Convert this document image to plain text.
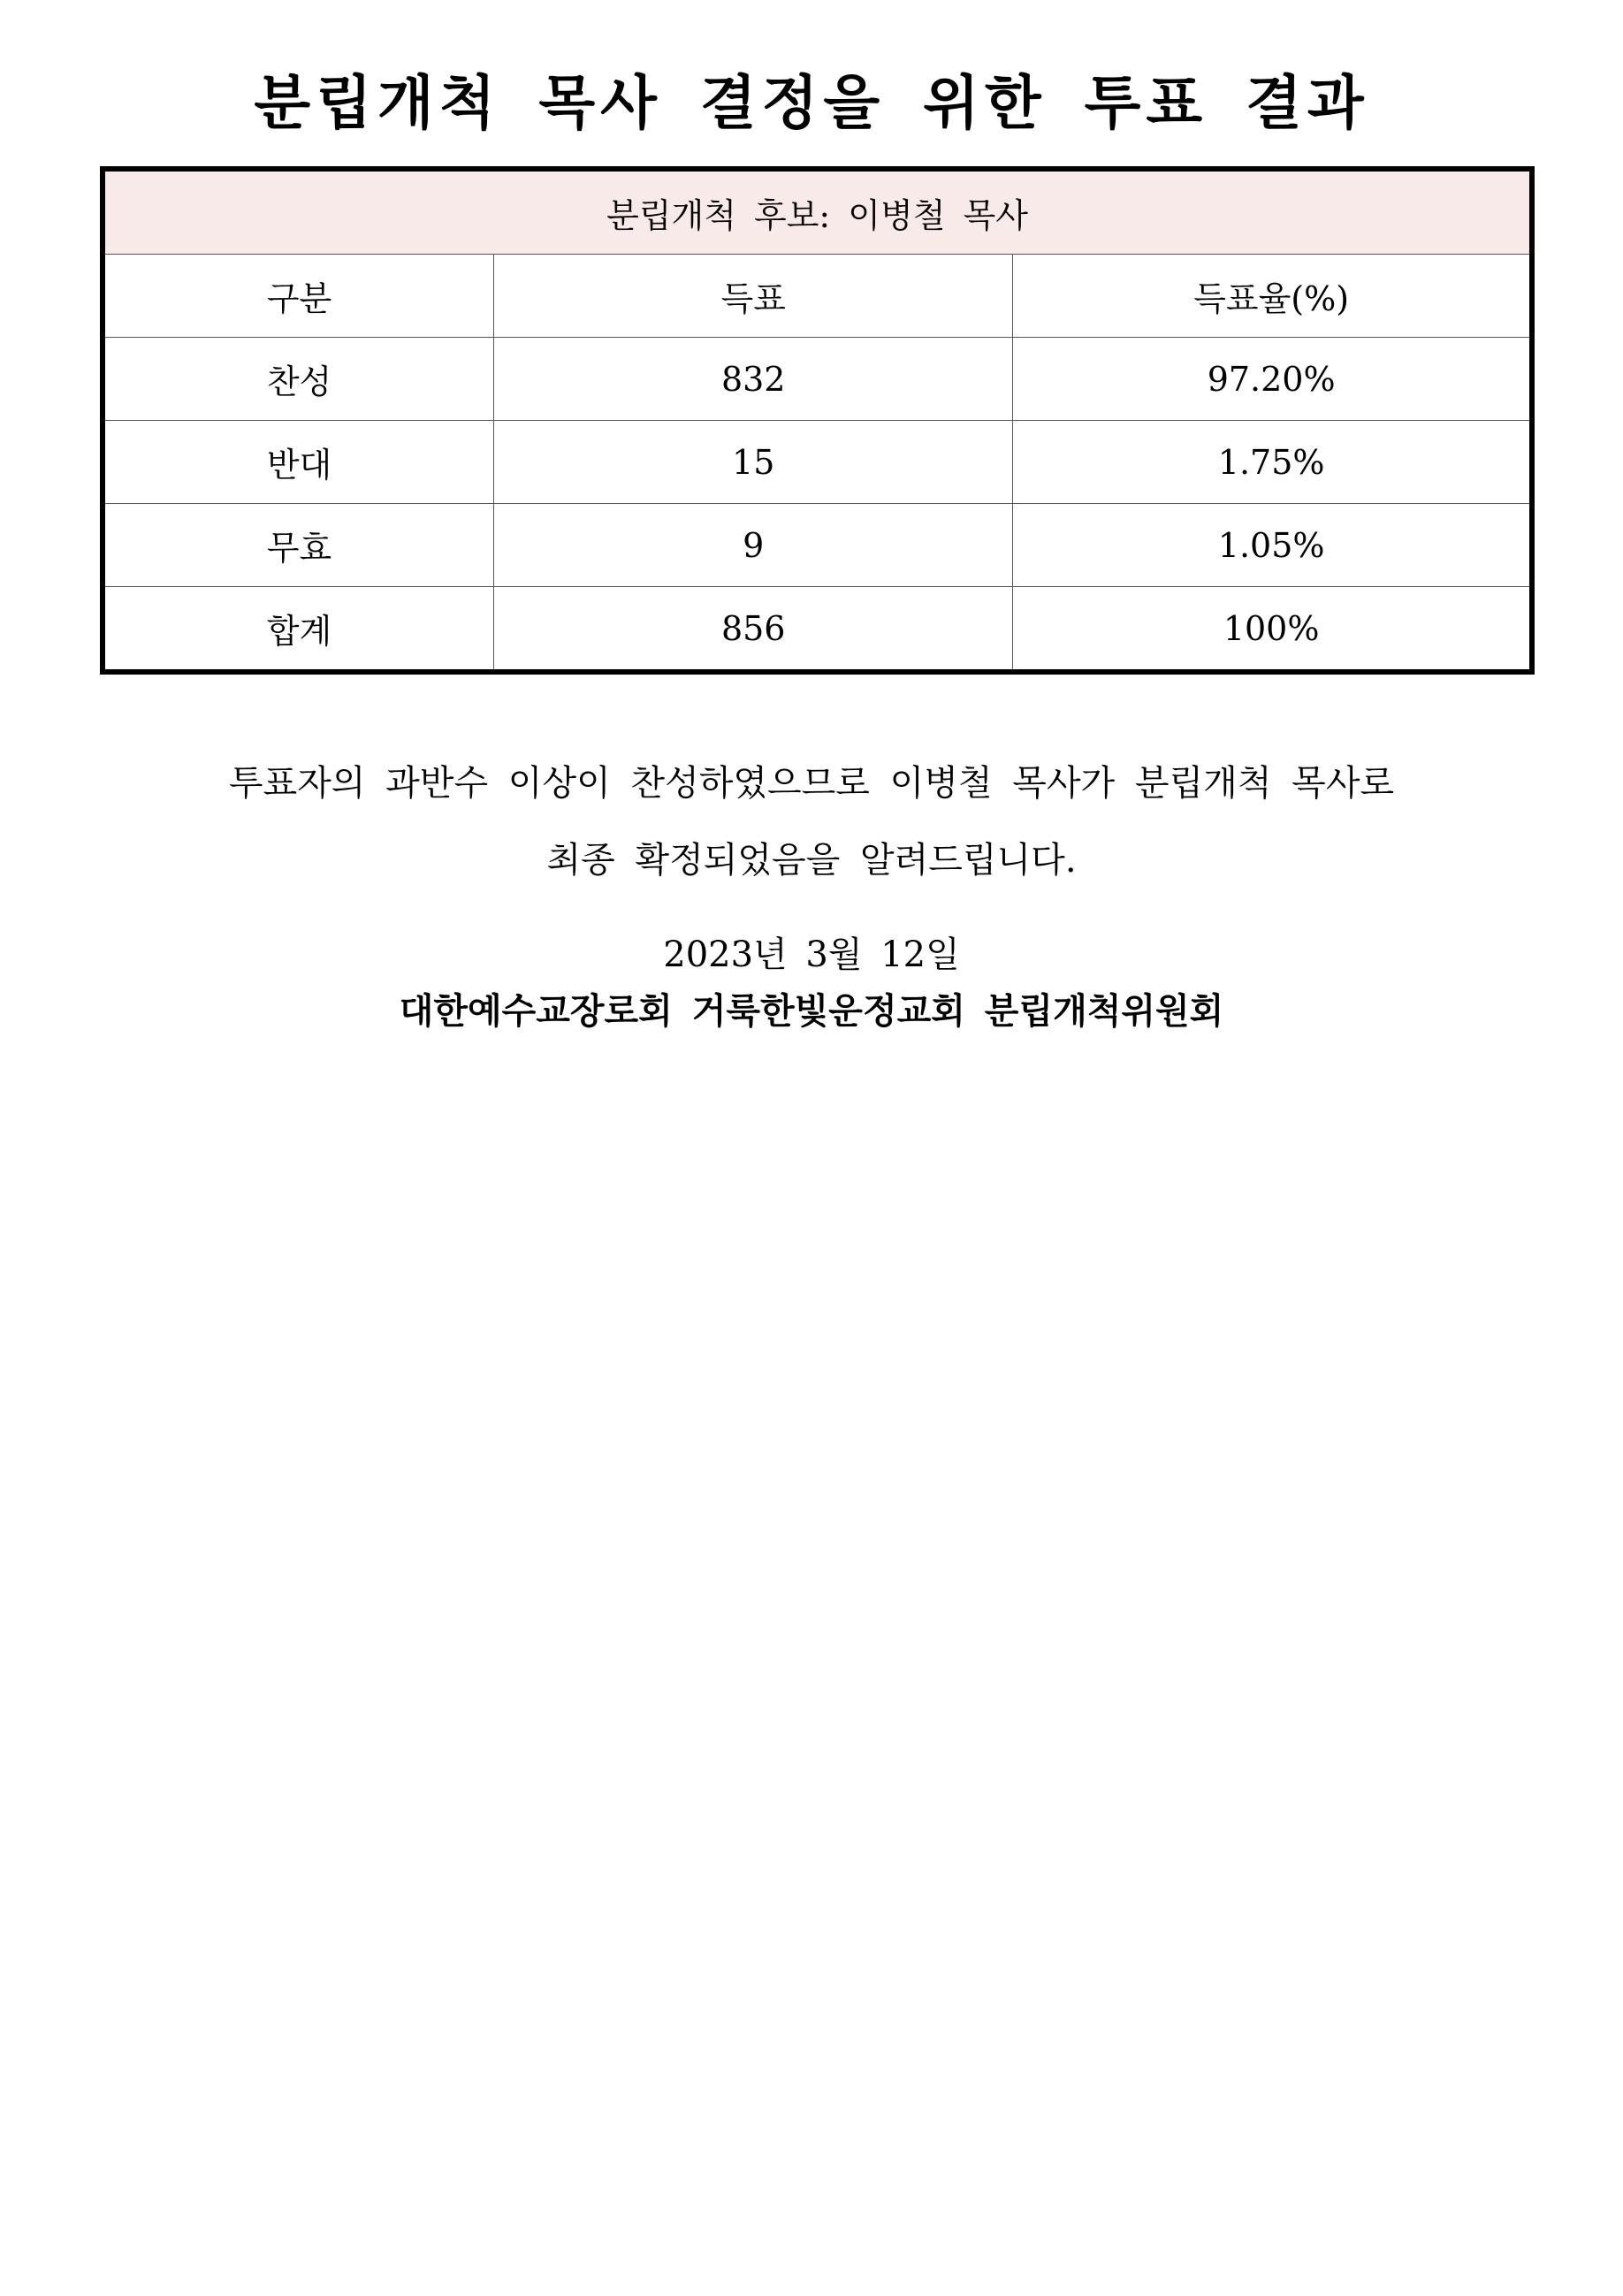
분립개척 목사 결정을 위한 투표 결과
분립개척 후보: 이병철 목사		
구분	득표	득표율(%)
찬성	832	97.20%
반대	15	1.75%
무효	9	1.05%
합계	856	100%
투표자의 과반수 이상이 찬성하였으므로 이병철 목사가 분립개척 목사로
최종 확정되었음을 알려드립니다.
2023년 3월 12일
대한예수교장로회 거룩한빛운정교회 분립개척위원회
